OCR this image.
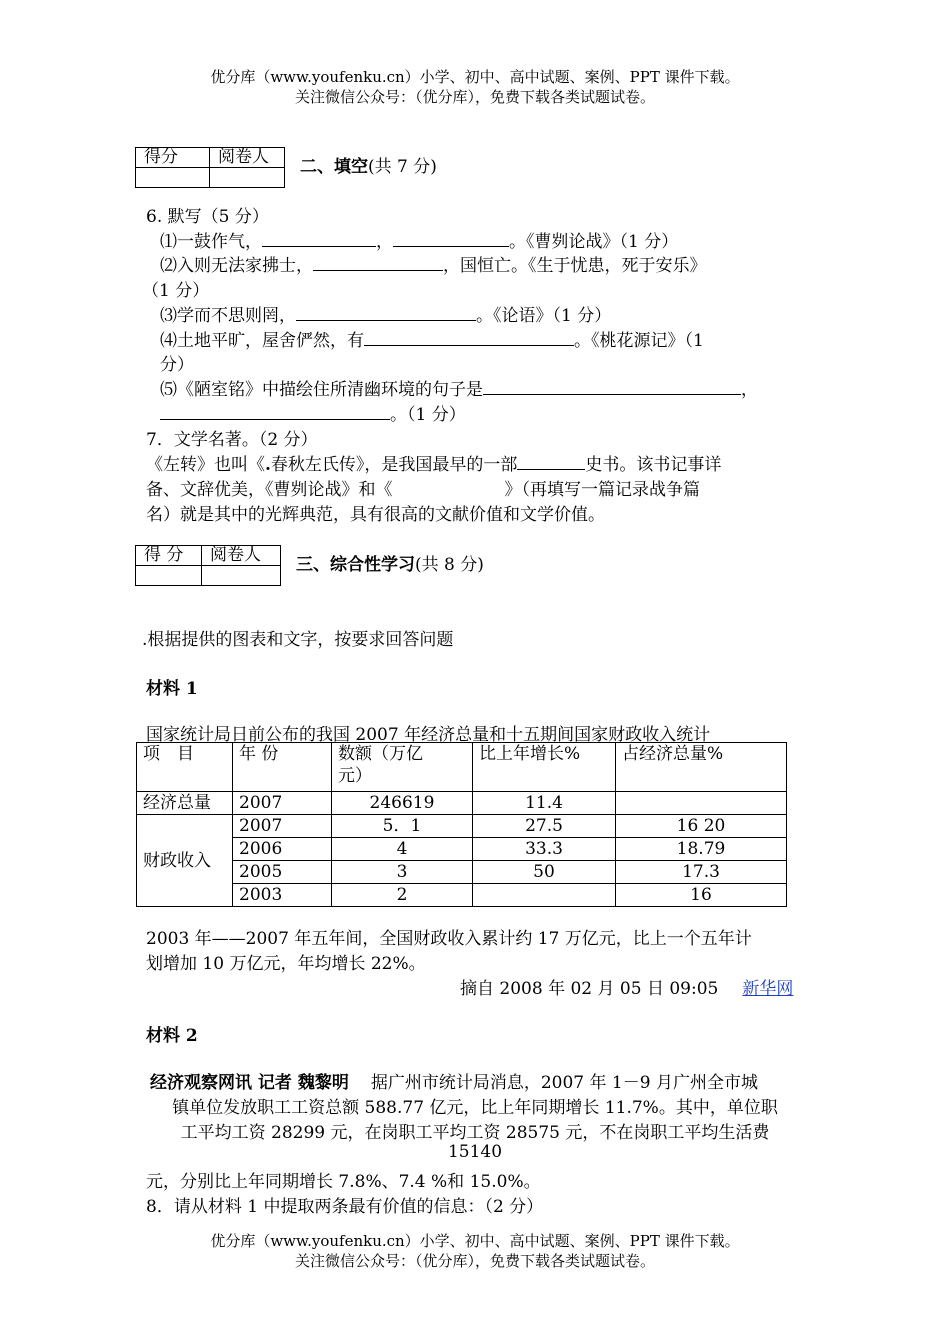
优分库（www.youfenku.cn）小学、初中、高中试题、案例、PPT 课件下载。
关注微信公众号：（优分库），免费下载各类试题试卷。
得分	阅卷人
	二、填空(共 7 分)
6. 默写（5 分）
⑴一鼓作气，	，	。《曹刿论战》（1 分）
⑵入则无法家拂士，	，国恒亡。《生于忧患，死于安乐》
（1 分）
⑶学而不思则罔，	。《论语》（1 分）
⑷土地平旷，屋舍俨然，有	。《桃花源记》（1
分）
⑸《陋室铭》中描绘住所清幽环境的句子是	，
。（1 分）
7．文学名著。（2 分）
《左转》也叫《.春秋左氏传》，是我国最早的一部	史书。该书记事详
备、文辞优美，《曹刿论战》和《	》（再填写一篇记录战争篇
名）就是其中的光辉典范，具有很高的文献价值和文学价值。
得 分	阅卷人
	三、综合性学习(共 8 分)
.根据提供的图表和文字，按要求回答问题
材料 1
国家统计局日前公布的我国 2007 年经济总量和十五期间国家财政收入统计
项　目	年 份	数额（万亿
元）	比上年增长%	占经济总量%
经济总量	2007	246619	11.4	
财政收入	2007	5．1	27.5	16 20
	2006	4	33.3	18.79
	2005	3	50	17.3
	2003	2		16
2003 年——2007 年五年间，全国财政收入累计约 17 万亿元，比上一个五年计
划增加 10 万亿元，年均增长 22%。
摘自 2008 年 02 月 05 日 09:05 新华网
材料 2
经济观察网讯 记者 魏黎明 据广州市统计局消息，2007 年 1－9 月广州全市城
镇单位发放职工工资总额 588.77 亿元，比上年同期增长 11.7%。其中，单位职
工平均工资 28299 元，在岗职工平均工资 28575 元，不在岗职工平均生活费
15140
元，分别比上年同期增长 7.8%、7.4 %和 15.0%。
8．请从材料 1 中提取两条最有价值的信息：（2 分）
优分库（www.youfenku.cn）小学、初中、高中试题、案例、PPT 课件下载。
关注微信公众号：（优分库），免费下载各类试题试卷。
